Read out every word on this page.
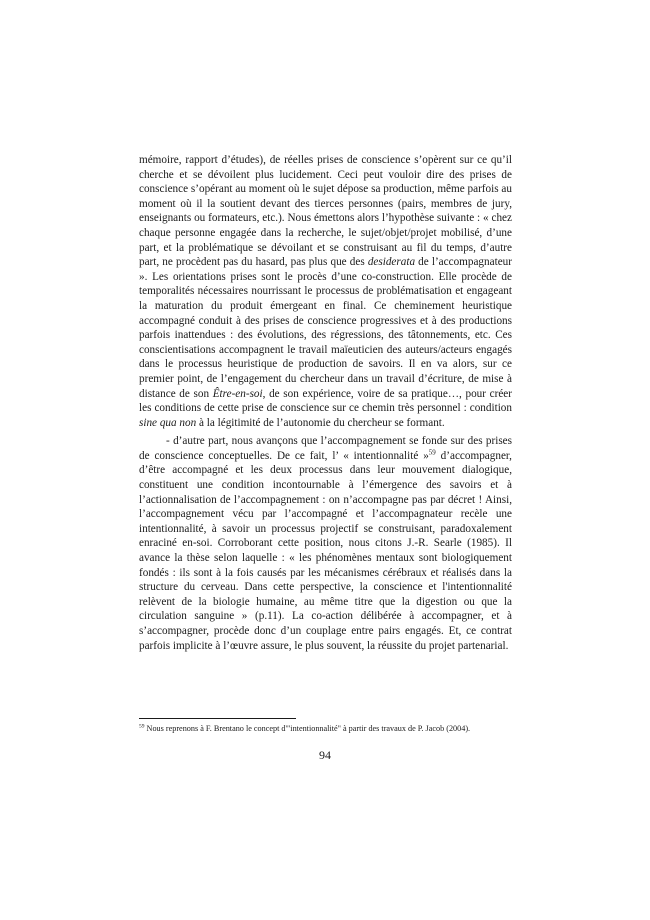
mémoire, rapport d’études), de réelles prises de conscience s’opèrent sur ce qu’il cherche et se dévoilent plus lucidement. Ceci peut vouloir dire des prises de conscience s’opérant au moment où le sujet dépose sa production, même parfois au moment où il la soutient devant des tierces personnes (pairs, membres de jury, enseignants ou formateurs, etc.). Nous émettons alors l’hypothèse suivante : « chez chaque personne engagée dans la recherche, le sujet/objet/projet mobilisé, d’une part, et la problématique se dévoilant et se construisant au fil du temps, d’autre part, ne procèdent pas du hasard, pas plus que des desiderata de l’accompagnateur ». Les orientations prises sont le procès d’une co-construction. Elle procède de temporalités nécessaires nourrissant le processus de problématisation et engageant la maturation du produit émergeant en final. Ce cheminement heuristique accompagné conduit à des prises de conscience progressives et à des productions parfois inattendues : des évolutions, des régressions, des tâtonnements, etc. Ces conscientisations accompagnent le travail maïeuticien des auteurs/acteurs engagés dans le processus heuristique de production de savoirs. Il en va alors, sur ce premier point, de l’engagement du chercheur dans un travail d’écriture, de mise à distance de son Être-en-soi, de son expérience, voire de sa pratique…, pour créer les conditions de cette prise de conscience sur ce chemin très personnel : condition sine qua non à la légitimité de l’autonomie du chercheur se formant.

- d’autre part, nous avançons que l’accompagnement se fonde sur des prises de conscience conceptuelles. De ce fait, l’ « intentionnalité »$^{59}$ d’accompagner, d’être accompagné et les deux processus dans leur mouvement dialogique, constituent une condition incontournable à l’émergence des savoirs et à l’actionnalisation de l’accompagnement : on n’accompagne pas par décret ! Ainsi, l’accompagnement vécu par l’accompagné et l’accompagnateur recèle une intentionnalité, à savoir un processus projectif se construisant, paradoxalement enraciné en-soi. Corroborant cette position, nous citons J.-R. Searle (1985). Il avance la thèse selon laquelle : « les phénomènes mentaux sont biologiquement fondés : ils sont à la fois causés par les mécanismes cérébraux et réalisés dans la structure du cerveau. Dans cette perspective, la conscience et l'intentionnalité relèvent de la biologie humaine, au même titre que la digestion ou que la circulation sanguine » (p.11). La co-action délibérée à accompagner, et à s’accompagner, procède donc d’un couplage entre pairs engagés. Et, ce contrat parfois implicite à l’œuvre assure, le plus souvent, la réussite du projet partenarial.

$^{59}$ Nous reprenons à F. Brentano le concept d'"intentionnalité" à partir des travaux de P. Jacob (2004).
94
